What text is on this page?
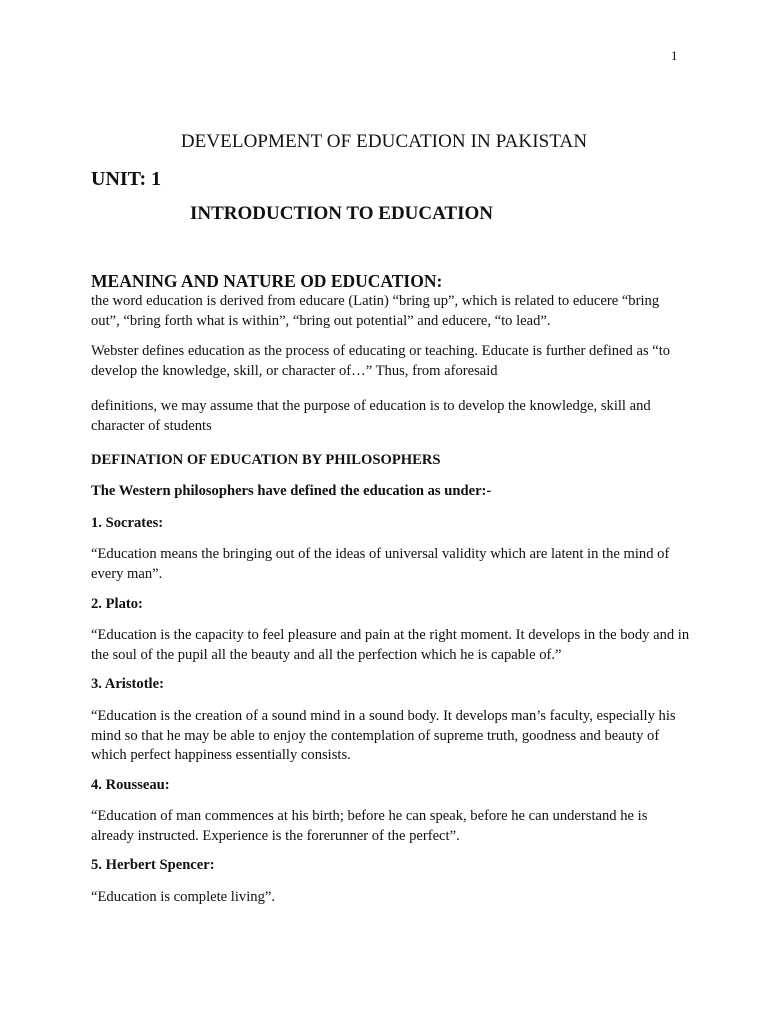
1
DEVELOPMENT OF EDUCATION IN PAKISTAN
UNIT: 1
INTRODUCTION TO EDUCATION

MEANING AND NATURE OD EDUCATION:

the word education is derived from educare (Latin) “bring up”, which is related to educere “bring out”, “bring forth what is within”, “bring out potential” and educere, “to lead”.

Webster defines education as the process of educating or teaching. Educate is further defined as “to develop the knowledge, skill, or character of…” Thus, from aforesaid

definitions, we may assume that the purpose of education is to develop the knowledge, skill and character of students

DEFINATION OF EDUCATION BY PHILOSOPHERS

The Western philosophers have defined the education as under:-

1. Socrates:

“Education means the bringing out of the ideas of universal validity which are latent in the mind of every man”.

2. Plato:

“Education is the capacity to feel pleasure and pain at the right moment. It develops in the body and in the soul of the pupil all the beauty and all the perfection which he is capable of.”

3. Aristotle:

“Education is the creation of a sound mind in a sound body. It develops man’s faculty, especially his mind so that he may be able to enjoy the contemplation of supreme truth, goodness and beauty of which perfect happiness essentially consists.

4. Rousseau:

“Education of man commences at his birth; before he can speak, before he can understand he is already instructed. Experience is the forerunner of the perfect”.

5. Herbert Spencer:

“Education is complete living”.
